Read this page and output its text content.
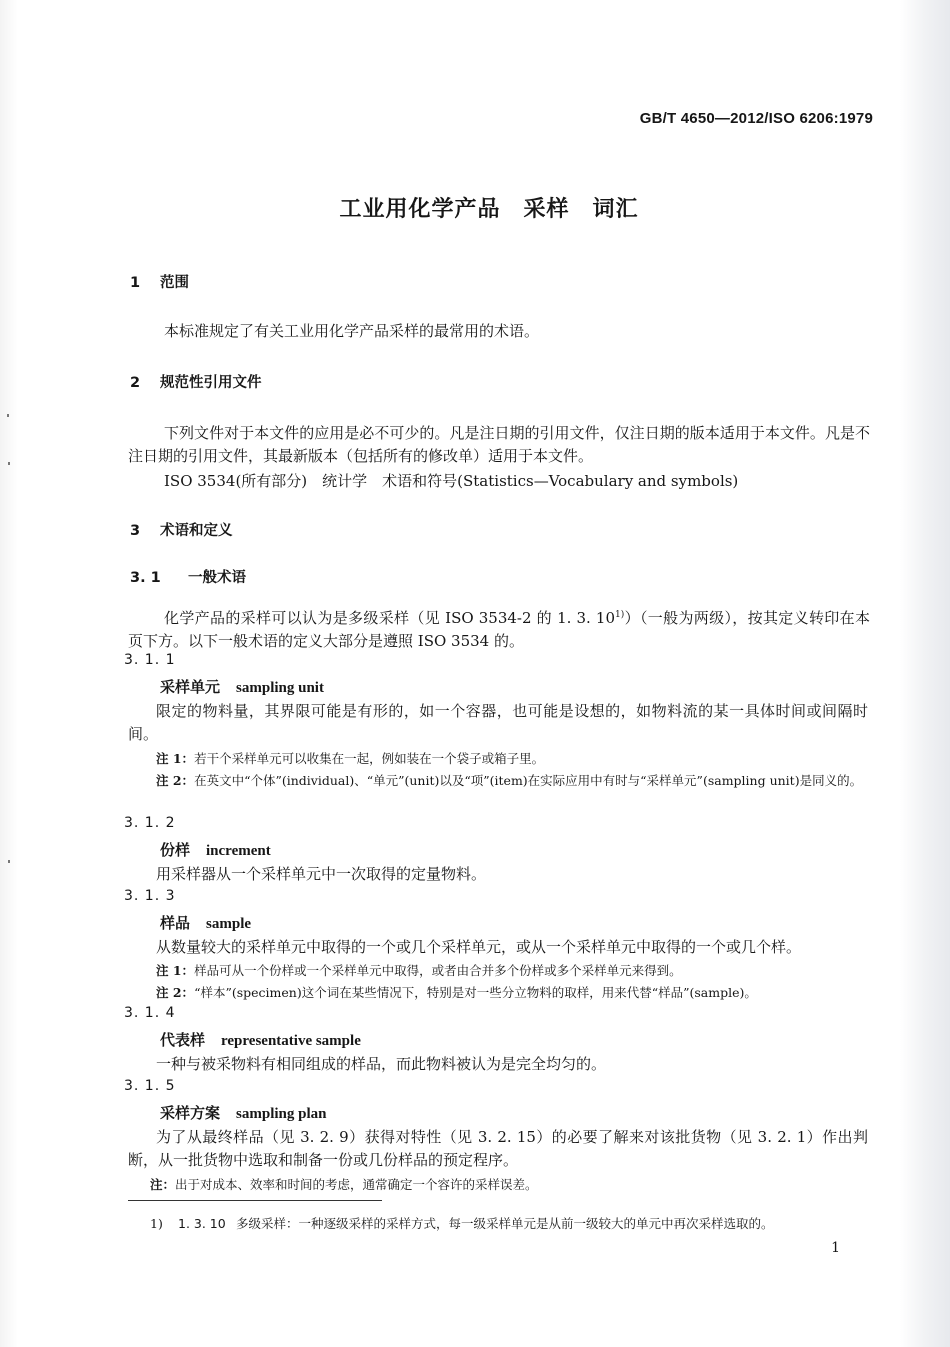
GB/T 4650—2012/ISO 6206:1979
工业用化学产品　采样　词汇
1 范围
本标准规定了有关工业用化学产品采样的最常用的术语。
2 规范性引用文件
下列文件对于本文件的应用是必不可少的。凡是注日期的引用文件，仅注日期的版本适用于本文件。凡是不注日期的引用文件，其最新版本（包括所有的修改单）适用于本文件。
ISO 3534(所有部分)　统计学　术语和符号(Statistics—Vocabulary and symbols)
3 术语和定义
3. 1 一般术语
化学产品的采样可以认为是多级采样（见 ISO 3534-2 的 1. 3. 10$^{1)}$）（一般为两级），按其定义转印在本页下方。以下一般术语的定义大部分是遵照 ISO 3534 的。
3. 1. 1
采样单元 sampling unit
限定的物料量，其界限可能是有形的，如一个容器，也可能是设想的，如物料流的某一具体时间或间隔时间。
注 1：若干个采样单元可以收集在一起，例如装在一个袋子或箱子里。
注 2：在英文中“个体”(individual)、“单元”(unit)以及“项”(item)在实际应用中有时与“采样单元”(sampling unit)是同义的。
3. 1. 2
份样 increment
用采样器从一个采样单元中一次取得的定量物料。
3. 1. 3
样品 sample
从数量较大的采样单元中取得的一个或几个采样单元，或从一个采样单元中取得的一个或几个样。
注 1：样品可从一个份样或一个采样单元中取得，或者由合并多个份样或多个采样单元来得到。
注 2：“样本”(specimen)这个词在某些情况下，特别是对一些分立物料的取样，用来代替“样品”(sample)。
3. 1. 4
代表样 representative sample
一种与被采物料有相同组成的样品，而此物料被认为是完全均匀的。
3. 1. 5
采样方案 sampling plan
为了从最终样品（见 3. 2. 9）获得对特性（见 3. 2. 15）的必要了解来对该批货物（见 3. 2. 1）作出判断，从一批货物中选取和制备一份或几份样品的预定程序。
注：出于对成本、效率和时间的考虑，通常确定一个容许的采样误差。
1) 1. 3. 10 多级采样：一种逐级采样的采样方式，每一级采样单元是从前一级较大的单元中再次采样选取的。
1
